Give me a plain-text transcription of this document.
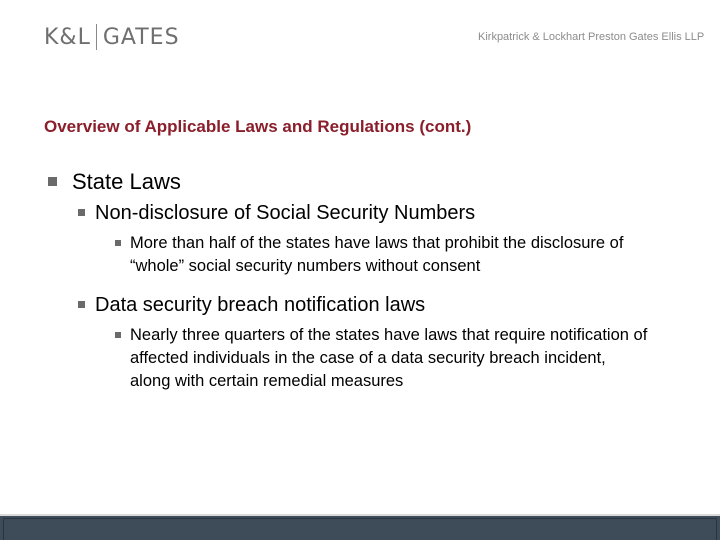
K&L GATES	Kirkpatrick & Lockhart Preston Gates Ellis LLP
Overview of Applicable Laws and Regulations (cont.)
State Laws
Non-disclosure of Social Security Numbers
More than half of the states have laws that prohibit the disclosure of “whole” social security numbers without consent
Data security breach notification laws
Nearly three quarters of the states have laws that require notification of affected individuals in the case of a data security breach incident, along with certain remedial measures
